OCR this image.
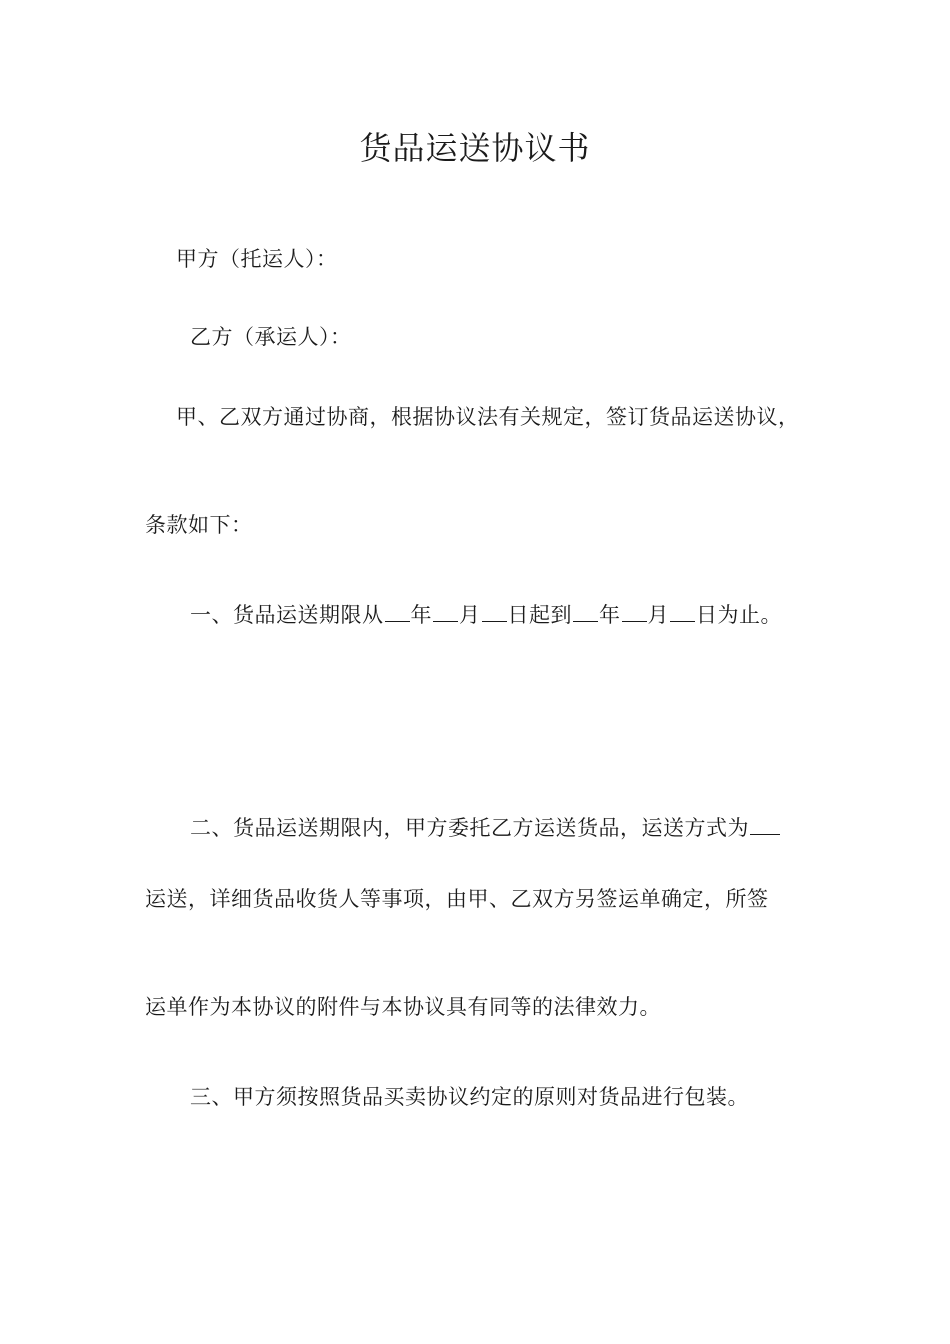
货品运送协议书
甲方（托运人）：
乙方（承运人）：
甲、乙双方通过协商，根据协议法有关规定，签订货品运送协议，
条款如下：
一、货品运送期限从 年 月 日起到 年 月 日为止。
二、货品运送期限内，甲方委托乙方运送货品，运送方式为
运送，详细货品收货人等事项，由甲、乙双方另签运单确定，所签
运单作为本协议的附件与本协议具有同等的法律效力。
三、甲方须按照货品买卖协议约定的原则对货品进行包装。
